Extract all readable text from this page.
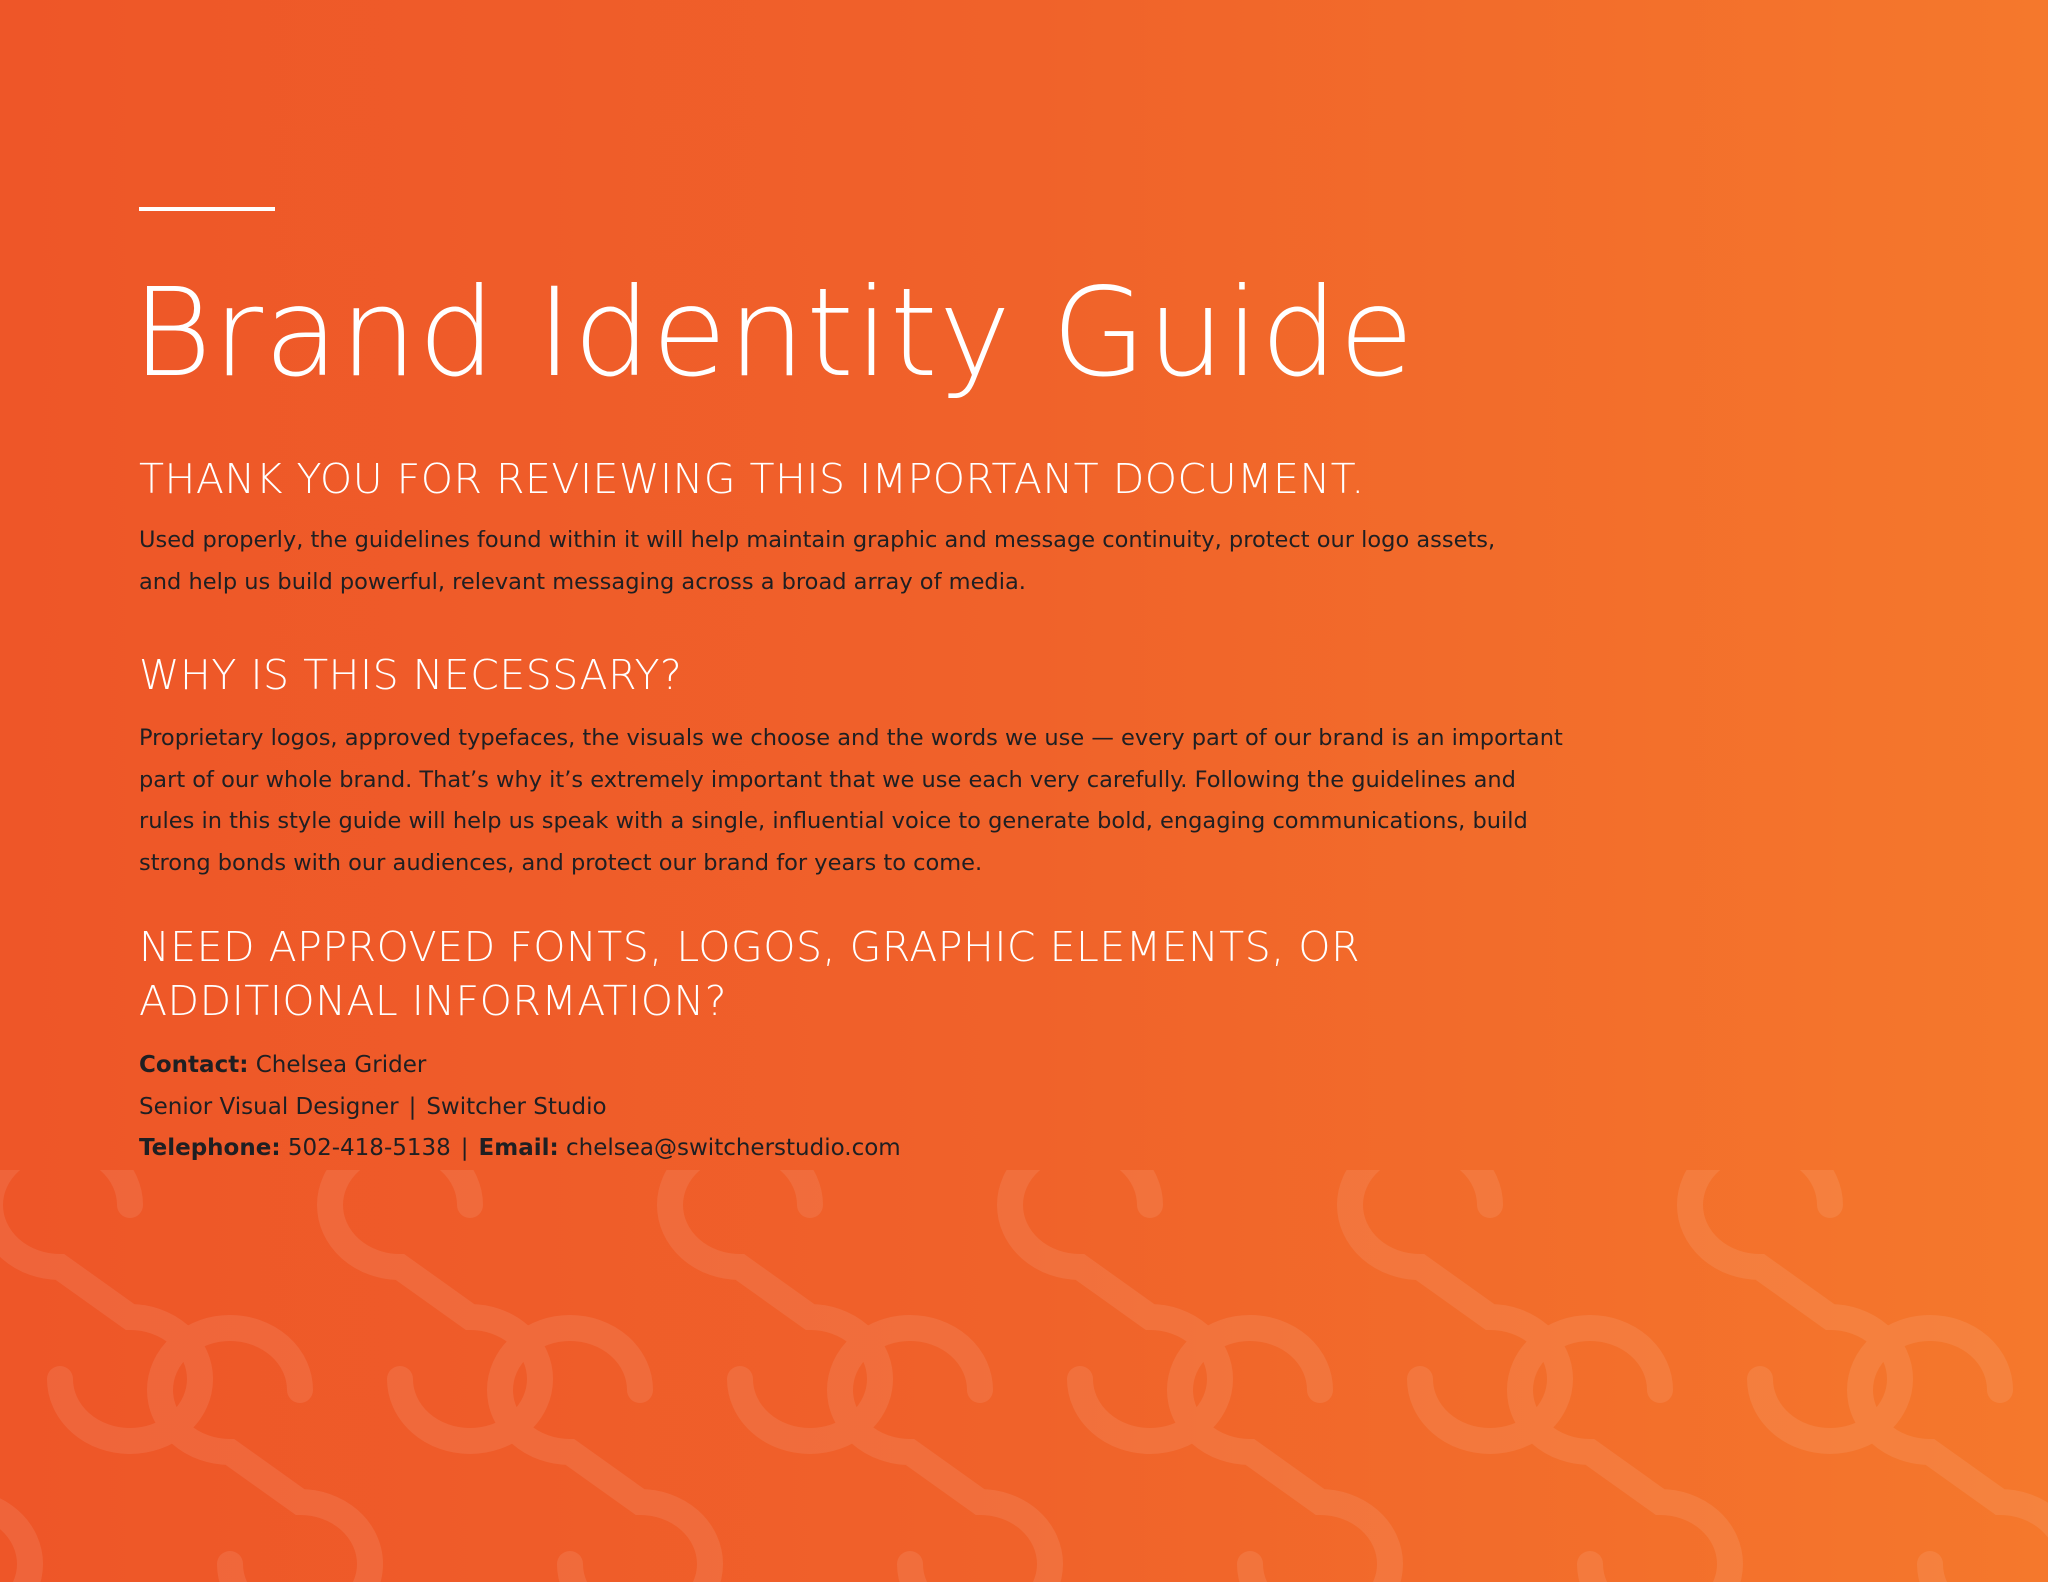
Brand Identity Guide
THANK YOU FOR REVIEWING THIS IMPORTANT DOCUMENT.

Used properly, the guidelines found within it will help maintain graphic and message continuity, protect our logo assets,
and help us build powerful, relevant messaging across a broad array of media.

WHY IS THIS NECESSARY?

Proprietary logos, approved typefaces, the visuals we choose and the words we use — every part of our brand is an important
part of our whole brand. That’s why it’s extremely important that we use each very carefully. Following the guidelines and
rules in this style guide will help us speak with a single, influential voice to generate bold, engaging communications, build
strong bonds with our audiences, and protect our brand for years to come.

NEED APPROVED FONTS, LOGOS, GRAPHIC ELEMENTS, OR
ADDITIONAL INFORMATION?
Contact: Chelsea Grider
Senior Visual Designer | Switcher Studio
Telephone: 502-418-5138 | Email: chelsea@switcherstudio.com
